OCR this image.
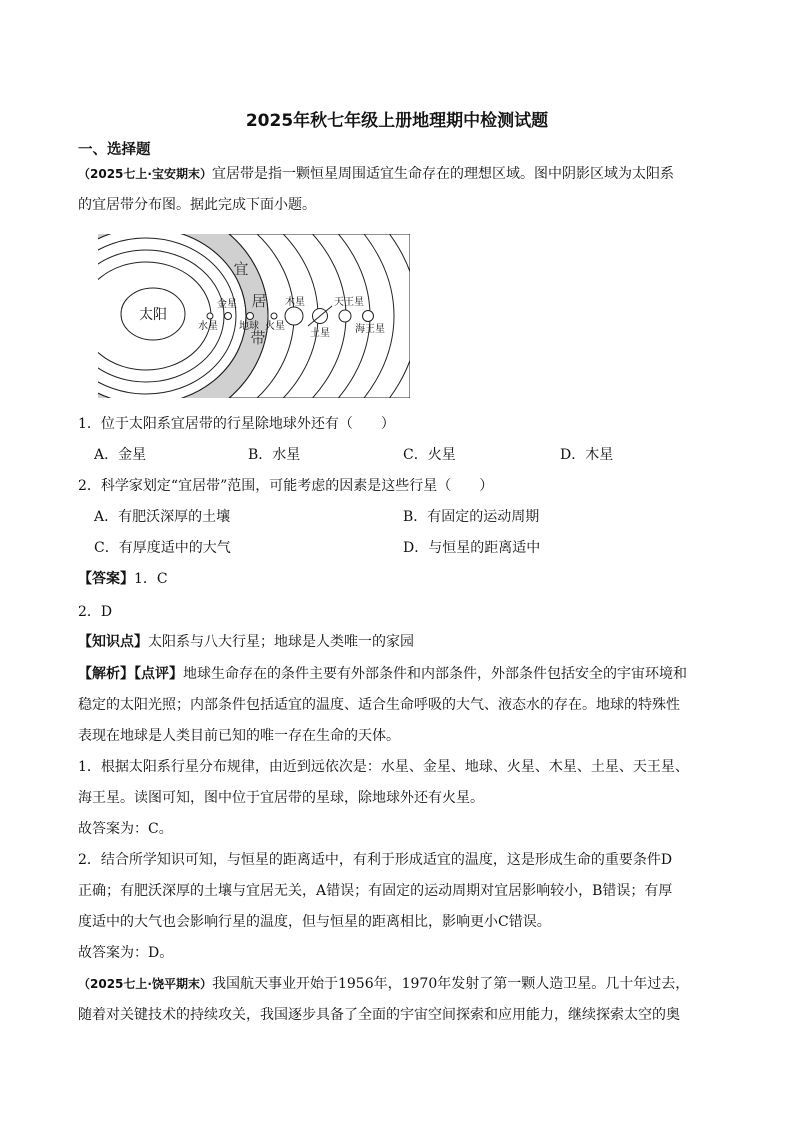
2025年秋七年级上册地理期中检测试题
一、选择题
（2025七上·宝安期末）宜居带是指一颗恒星周围适宜生命存在的理想区域。图中阴影区域为太阳系
的宜居带分布图。据此完成下面小题。
太阳
宜
居
带
水星
金星
地球 火星
木星
土星
天王星
海王星
1．位于太阳系宜居带的行星除地球外还有（　　）
A．金星	B．水星	C．火星	D．木星
2．科学家划定“宜居带”范围，可能考虑的因素是这些行星（　　）
A．有肥沃深厚的土壤	B．有固定的运动周期
C．有厚度适中的大气	D．与恒星的距离适中
【答案】1．C
2．D
【知识点】太阳系与八大行星；地球是人类唯一的家园
【解析】【点评】地球生命存在的条件主要有外部条件和内部条件，外部条件包括安全的宇宙环境和
稳定的太阳光照；内部条件包括适宜的温度、适合生命呼吸的大气、液态水的存在。地球的特殊性
表现在地球是人类目前已知的唯一存在生命的天体。
1．根据太阳系行星分布规律，由近到远依次是：水星、金星、地球、火星、木星、土星、天王星、
海王星。读图可知，图中位于宜居带的星球，除地球外还有火星。
故答案为：C。
2．结合所学知识可知，与恒星的距离适中，有利于形成适宜的温度，这是形成生命的重要条件D
正确；有肥沃深厚的土壤与宜居无关，A错误；有固定的运动周期对宜居影响较小，B错误；有厚
度适中的大气也会影响行星的温度，但与恒星的距离相比，影响更小C错误。
故答案为：D。
（2025七上·饶平期末）我国航天事业开始于1956年，1970年发射了第一颗人造卫星。几十年过去，
随着对关键技术的持续攻关，我国逐步具备了全面的宇宙空间探索和应用能力，继续探索太空的奥
